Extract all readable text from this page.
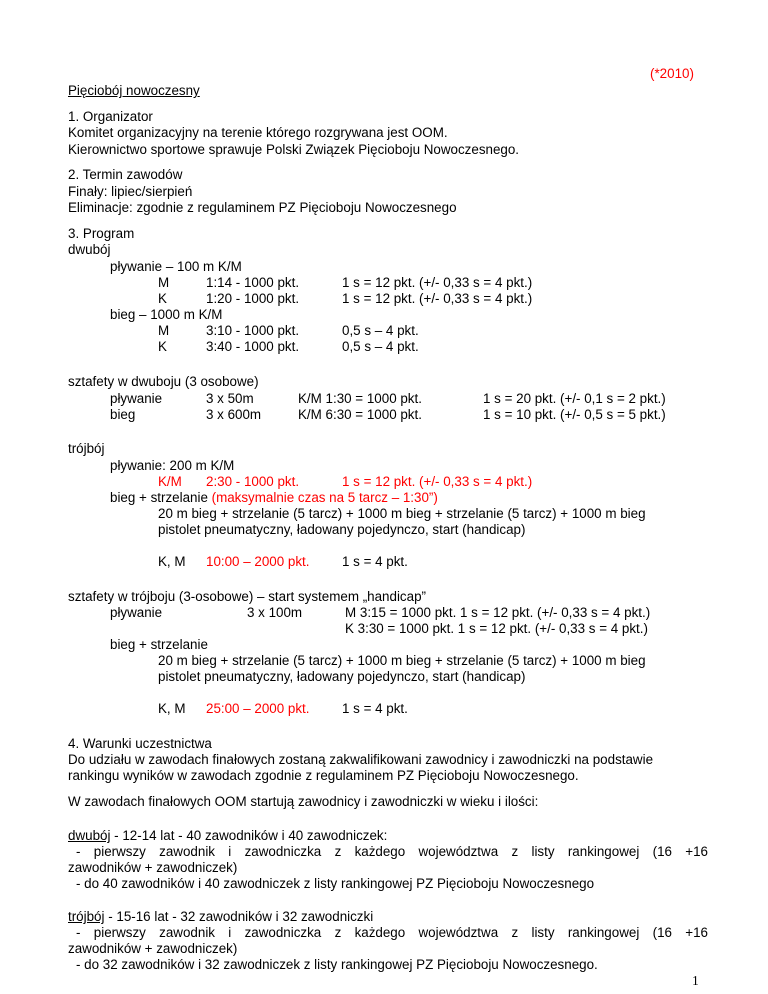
(*2010)
Pięciobój nowoczesny
1. Organizator
Komitet organizacyjny na terenie którego rozgrywana jest OOM.
Kierownictwo sportowe sprawuje Polski Związek Pięcioboju Nowoczesnego.
2. Termin zawodów
Finały: lipiec/sierpień
Eliminacje: zgodnie z regulaminem PZ Pięcioboju Nowoczesnego
3. Program
dwubój
pływanie – 100 m K/M
M	1:14 - 1000 pkt.	1 s = 12 pkt. (+/- 0,33 s = 4 pkt.)
K	1:20 - 1000 pkt.	1 s = 12 pkt. (+/- 0,33 s = 4 pkt.)
bieg – 1000 m K/M
M	3:10 - 1000 pkt.	0,5 s – 4 pkt.
K	3:40 - 1000 pkt.	0,5 s – 4 pkt.
sztafety w dwuboju (3 osobowe)
pływanie	3 x 50m	K/M 1:30 = 1000 pkt.	1 s = 20 pkt. (+/- 0,1 s = 2 pkt.)
bieg	3 x 600m	K/M 6:30 = 1000 pkt.	1 s = 10 pkt. (+/- 0,5 s = 5 pkt.)
trójbój
pływanie: 200 m K/M
K/M 2:30 - 1000 pkt.	1 s = 12 pkt. (+/- 0,33 s = 4 pkt.)
bieg + strzelanie (maksymalnie czas na 5 tarcz – 1:30”)
20 m bieg + strzelanie (5 tarcz) + 1000 m bieg + strzelanie (5 tarcz) + 1000 m bieg
pistolet pneumatyczny, ładowany pojedynczo, start (handicap)
K, M 10:00 – 2000 pkt. 1 s = 4 pkt.
sztafety w trójboju (3-osobowe) – start systemem „handicap”
pływanie	3 x 100m	M 3:15 = 1000 pkt. 1 s = 12 pkt. (+/- 0,33 s = 4 pkt.)
K 3:30 = 1000 pkt. 1 s = 12 pkt. (+/- 0,33 s = 4 pkt.)
bieg + strzelanie
20 m bieg + strzelanie (5 tarcz) + 1000 m bieg + strzelanie (5 tarcz) + 1000 m bieg
pistolet pneumatyczny, ładowany pojedynczo, start (handicap)
K, M 25:00 – 2000 pkt. 1 s = 4 pkt.
4. Warunki uczestnictwa
Do udziału w zawodach finałowych zostaną zakwalifikowani zawodnicy i zawodniczki na podstawie
rankingu wyników w zawodach zgodnie z regulaminem PZ Pięcioboju Nowoczesnego.
W zawodach finałowych OOM startują zawodnicy i zawodniczki w wieku i ilości:
dwubój - 12-14 lat - 40 zawodników i 40 zawodniczek:
- pierwszy zawodnik i zawodniczka z każdego województwa z listy rankingowej (16 +16
zawodników + zawodniczek)
- do 40 zawodników i 40 zawodniczek z listy rankingowej PZ Pięcioboju Nowoczesnego
trójbój - 15-16 lat - 32 zawodników i 32 zawodniczki
- pierwszy zawodnik i zawodniczka z każdego województwa z listy rankingowej (16 +16
zawodników + zawodniczek)
- do 32 zawodników i 32 zawodniczek z listy rankingowej PZ Pięcioboju Nowoczesnego.
1
